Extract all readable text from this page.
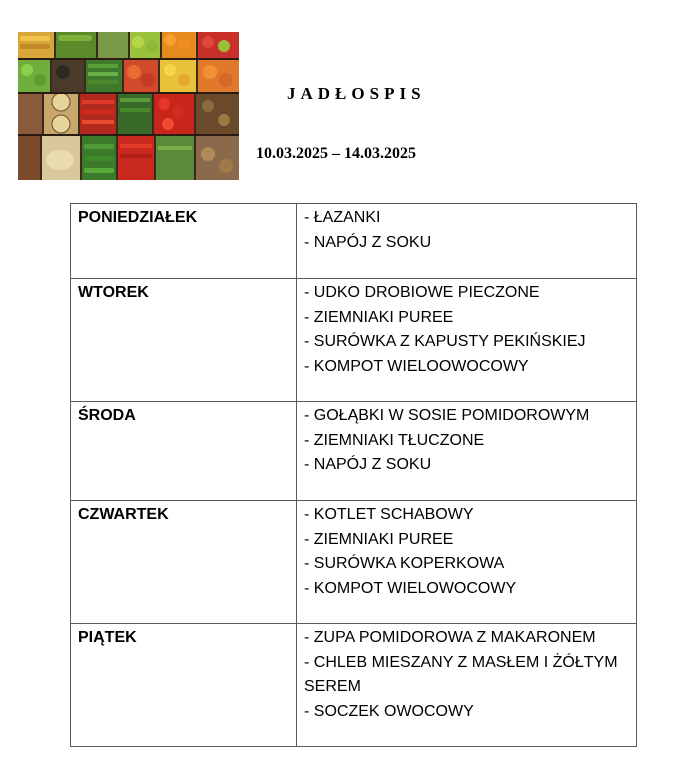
JADŁOSPIS
10.03.2025 – 14.03.2025
PONIEDZIAŁEK	- ŁAZANKI
- NAPÓJ Z SOKU

WTOREK	- UDKO DROBIOWE PIECZONE
- ZIEMNIAKI PUREE
- SURÓWKA Z KAPUSTY PEKIŃSKIEJ
- KOMPOT WIELOOWOCOWY

ŚRODA	- GOŁĄBKI W SOSIE POMIDOROWYM
- ZIEMNIAKI TŁUCZONE
- NAPÓJ Z SOKU

CZWARTEK	- KOTLET SCHABOWY
- ZIEMNIAKI PUREE
- SURÓWKA KOPERKOWA
- KOMPOT WIELOWOCOWY

PIĄTEK	- ZUPA POMIDOROWA Z MAKARONEM
- CHLEB MIESZANY Z MASŁEM I ŻÓŁTYM SEREM
- SOCZEK OWOCOWY
